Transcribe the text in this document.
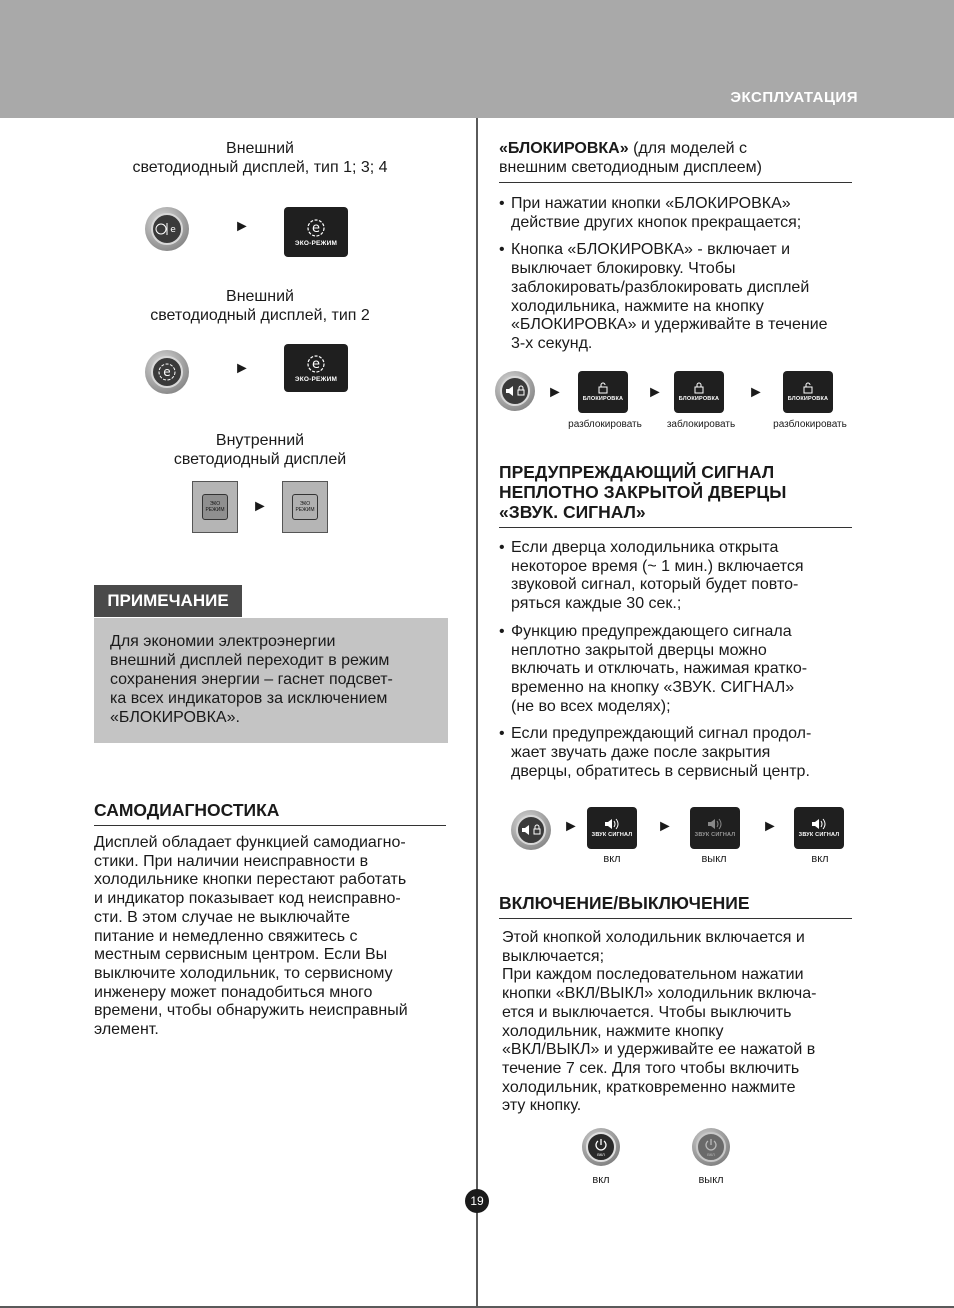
ЭКСПЛУАТАЦИЯ
Внешний
светодиодный дисплей, тип 1; 3; 4
e	►	e
ЭКО-РЕЖИМ
Внешний
светодиодный дисплей, тип 2
e	►	e
ЭКО-РЕЖИМ
Внутренний
светодиодный дисплей
ЭКО
РЕЖИМ ►	ЭКО
РЕЖИМ
ПРИМЕЧАНИЕ
Для экономии электроэнергии
внешний дисплей переходит в режим
сохранения энергии – гаснет подсвет-
ка всех индикаторов за исключением
«БЛОКИРОВКА».
САМОДИАГНОСТИКА
Дисплей обладает функцией самодиагно-
стики. При наличии неисправности в
холодильнике кнопки перестают работать
и индикатор показывает код неисправно-
сти. В этом случае не выключайте
питание и немедленно свяжитесь с
местным сервисным центром. Если Вы
выключите холодильник, то сервисному
инженеру может понадобиться много
времени, чтобы обнаружить неисправный
элемент.
«БЛОКИРОВКА» (для моделей с
внешним светодиодным дисплеем)
• При нажатии кнопки «БЛОКИРОВКА»
действие других кнопок прекращается;
• Кнопка «БЛОКИРОВКА» - включает и
выключает блокировку. Чтобы
заблокировать/разблокировать дисплей
холодильника, нажмите на кнопку
«БЛОКИРОВКА» и удерживайте в течение
3-х секунд.
►	БЛОКИРОВКА ►	БЛОКИРОВКА ►	БЛОКИРОВКА
разблокировать	заблокировать	разблокировать
ПРЕДУПРЕЖДАЮЩИЙ СИГНАЛ
НЕПЛОТНО ЗАКРЫТОЙ ДВЕРЦЫ
«ЗВУК. СИГНАЛ»
• Если дверца холодильника открыта
некоторое время (~ 1 мин.) включается
звуковой сигнал, который будет повто-
ряться каждые 30 сек.;
• Функцию предупреждающего сигнала
неплотно закрытой дверцы можно
включать и отключать, нажимая кратко-
временно на кнопку «ЗВУК. СИГНАЛ»
(не во всех моделях);
• Если предупреждающий сигнал продол-
жает звучать даже после закрытия
дверцы, обратитесь в сервисный центр.
► ЗВУК СИГНАЛ ►	ЗВУК СИГНАЛ ►	ЗВУК СИГНАЛ
вкл	выкл	вкл
ВКЛЮЧЕНИЕ/ВЫКЛЮЧЕНИЕ
Этой кнопкой холодильник включается и
выключается;
При каждом последовательном нажатии
кнопки «ВКЛ/ВЫКЛ» холодильник включа-
ется и выключается. Чтобы выключить
холодильник, нажмите кнопку
«ВКЛ/ВЫКЛ» и удерживайте ее нажатой в
течение 7 сек. Для того чтобы включить
холодильник, кратковременно нажмите
эту кнопку.
ВКЛ	ВКЛ
вкл	выкл
19
